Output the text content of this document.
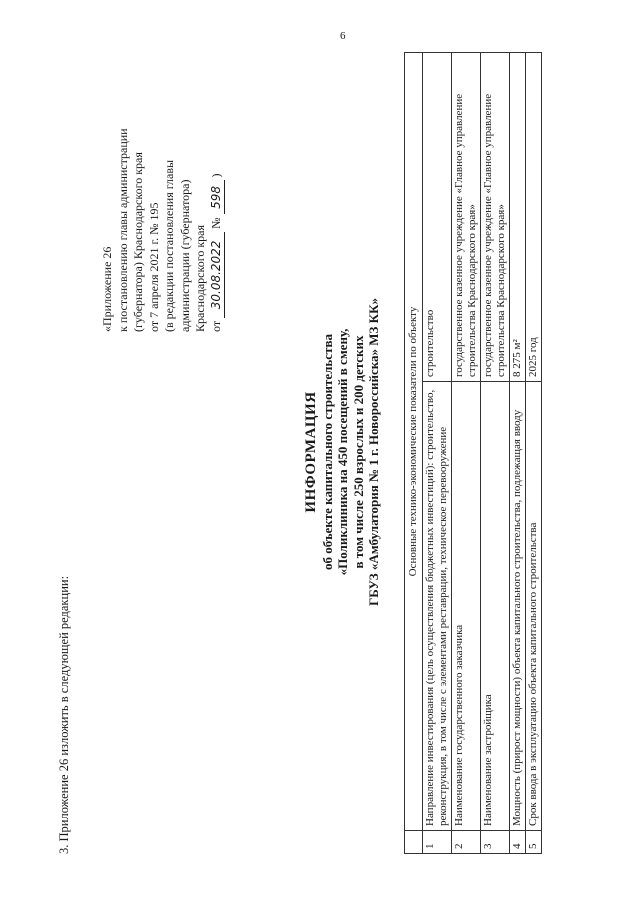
6
3. Приложение 26 изложить в следующей редакции:
«Приложение 26 к постановлению главы администрации (губернатора) Краснодарского края от 7 апреля 2021 г. № 195 (в редакции постановления главы администрации (губернатора) Краснодарского края от 30.08.2022 № 598 )
ИНФОРМАЦИЯ об объекте капитального строительства «Поликлиника на 450 посещений в смену, в том числе 250 взрослых и 200 детских ГБУЗ «Амбулатория № 1 г. Новороссийска» МЗ КК»
	Основные технико-экономические показатели по объекту	
1	Направление инвестирования (цель осуществления бюджетных инвестиций): строительство, реконструкция, в том числе с элементами реставрации, техническое перевооружение	строительство
2	Наименование государственного заказчика	государственное казенное учреждение «Главное управление строительства Краснодарского края»
3	Наименование застройщика	государственное казенное учреждение «Главное управление строительства Краснодарского края»
4	Мощность (прирост мощности) объекта капитального строительства, подлежащая вводу	8 275 м²
5	Срок ввода в эксплуатацию объекта капитального строительства	2025 год
